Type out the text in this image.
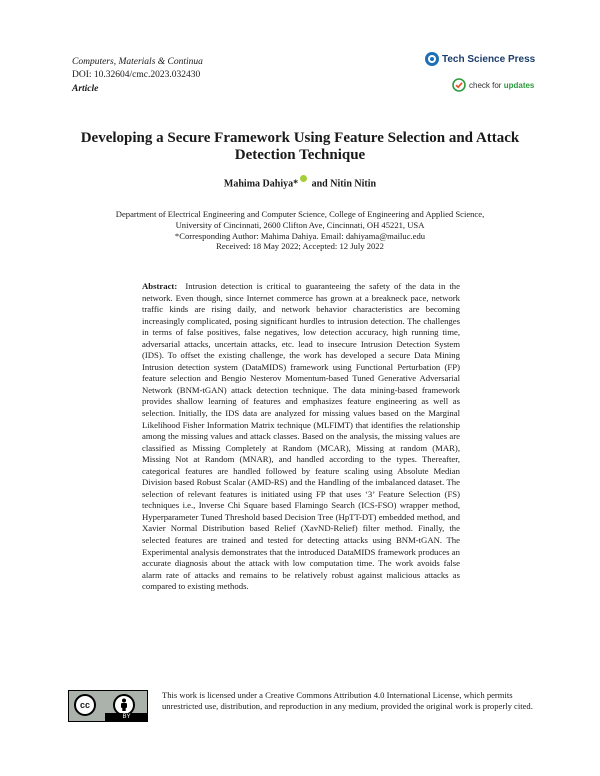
Computers, Materials & Continua
DOI: 10.32604/cmc.2023.032430
Article
Tech Science Press
check for updates
Developing a Secure Framework Using Feature Selection and Attack Detection Technique
Mahima Dahiya* and Nitin Nitin
Department of Electrical Engineering and Computer Science, College of Engineering and Applied Science,
University of Cincinnati, 2600 Clifton Ave, Cincinnati, OH 45221, USA
*Corresponding Author: Mahima Dahiya. Email: dahiyama@mailuc.edu
Received: 18 May 2022; Accepted: 12 July 2022
Abstract: Intrusion detection is critical to guaranteeing the safety of the data in the network. Even though, since Internet commerce has grown at a breakneck pace, network traffic kinds are rising daily, and network behavior characteristics are becoming increasingly complicated, posing significant hurdles to intrusion detection. The challenges in terms of false positives, false negatives, low detection accuracy, high running time, adversarial attacks, uncertain attacks, etc. lead to insecure Intrusion Detection System (IDS). To offset the existing challenge, the work has developed a secure Data Mining Intrusion detection system (DataMIDS) framework using Functional Perturbation (FP) feature selection and Bengio Nesterov Momentum-based Tuned Generative Adversarial Network (BNM-tGAN) attack detection technique. The data mining-based framework provides shallow learning of features and emphasizes feature engineering as well as selection. Initially, the IDS data are analyzed for missing values based on the Marginal Likelihood Fisher Information Matrix technique (MLFIMT) that identifies the relationship among the missing values and attack classes. Based on the analysis, the missing values are classified as Missing Completely at Random (MCAR), Missing at random (MAR), Missing Not at Random (MNAR), and handled according to the types. Thereafter, categorical features are handled followed by feature scaling using Absolute Median Division based Robust Scalar (AMD-RS) and the Handling of the imbalanced dataset. The selection of relevant features is initiated using FP that uses ‘3’ Feature Selection (FS) techniques i.e., Inverse Chi Square based Flamingo Search (ICS-FSO) wrapper method, Hyperparameter Tuned Threshold based Decision Tree (HpTT-DT) embedded method, and Xavier Normal Distribution based Relief (XavND-Relief) filter method. Finally, the selected features are trained and tested for detecting attacks using BNM-tGAN. The Experimental analysis demonstrates that the introduced DataMIDS framework produces an accurate diagnosis about the attack with low computation time. The work avoids false alarm rate of attacks and remains to be relatively robust against malicious attacks as compared to existing methods.
cc
BY
This work is licensed under a Creative Commons Attribution 4.0 International License, which permits unrestricted use, distribution, and reproduction in any medium, provided the original work is properly cited.
